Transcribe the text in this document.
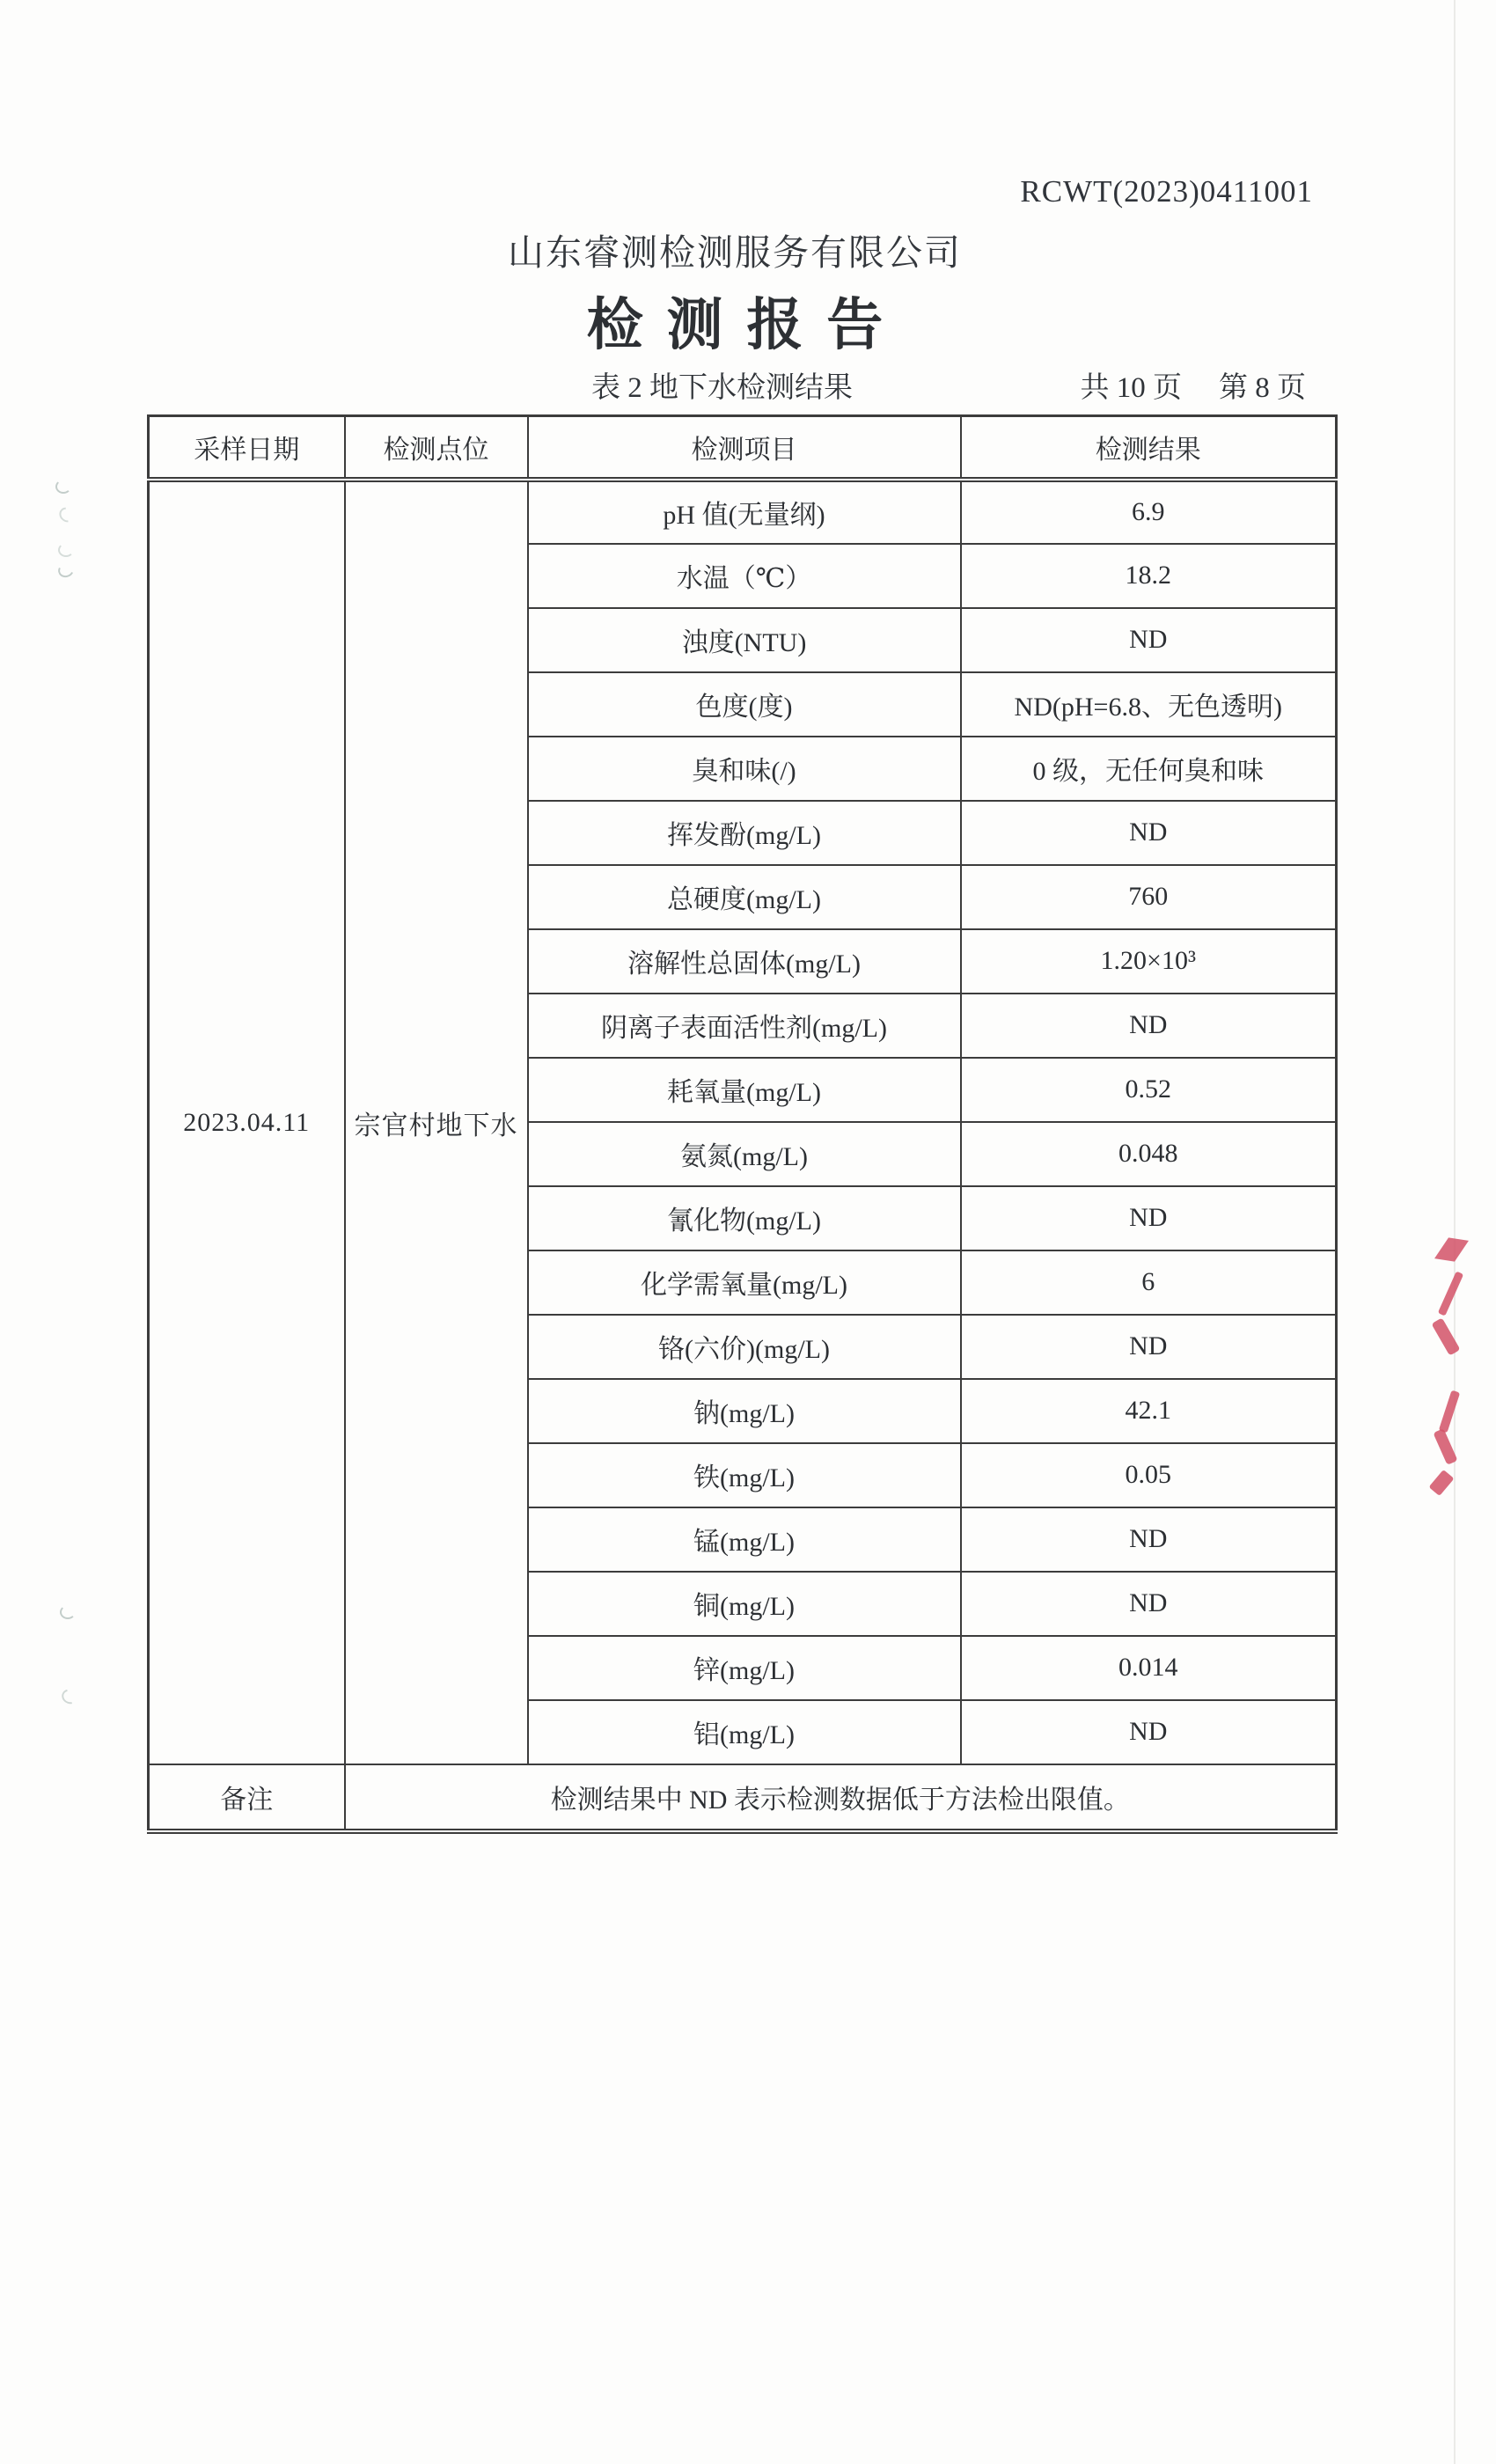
RCWT(2023)0411001
山东睿测检测服务有限公司
检测报告
表 2 地下水检测结果	共 10 页 第 8 页
采样日期	检测点位	检测项目	检测结果
2023.04.11	宗官村地下水	pH 值(无量纲)	6.9
		水温（℃）	18.2
		浊度(NTU)	ND
		色度(度)	ND(pH=6.8、无色透明)
		臭和味(/)	0 级，无任何臭和味
		挥发酚(mg/L)	ND
		总硬度(mg/L)	760
		溶解性总固体(mg/L)	1.20×10³
		阴离子表面活性剂(mg/L)	ND
		耗氧量(mg/L)	0.52
		氨氮(mg/L)	0.048
		氰化物(mg/L)	ND
		化学需氧量(mg/L)	6
		铬(六价)(mg/L)	ND
		钠(mg/L)	42.1
		铁(mg/L)	0.05
		锰(mg/L)	ND
		铜(mg/L)	ND
		锌(mg/L)	0.014
		铝(mg/L)	ND
备注	检测结果中 ND 表示检测数据低于方法检出限值。		
